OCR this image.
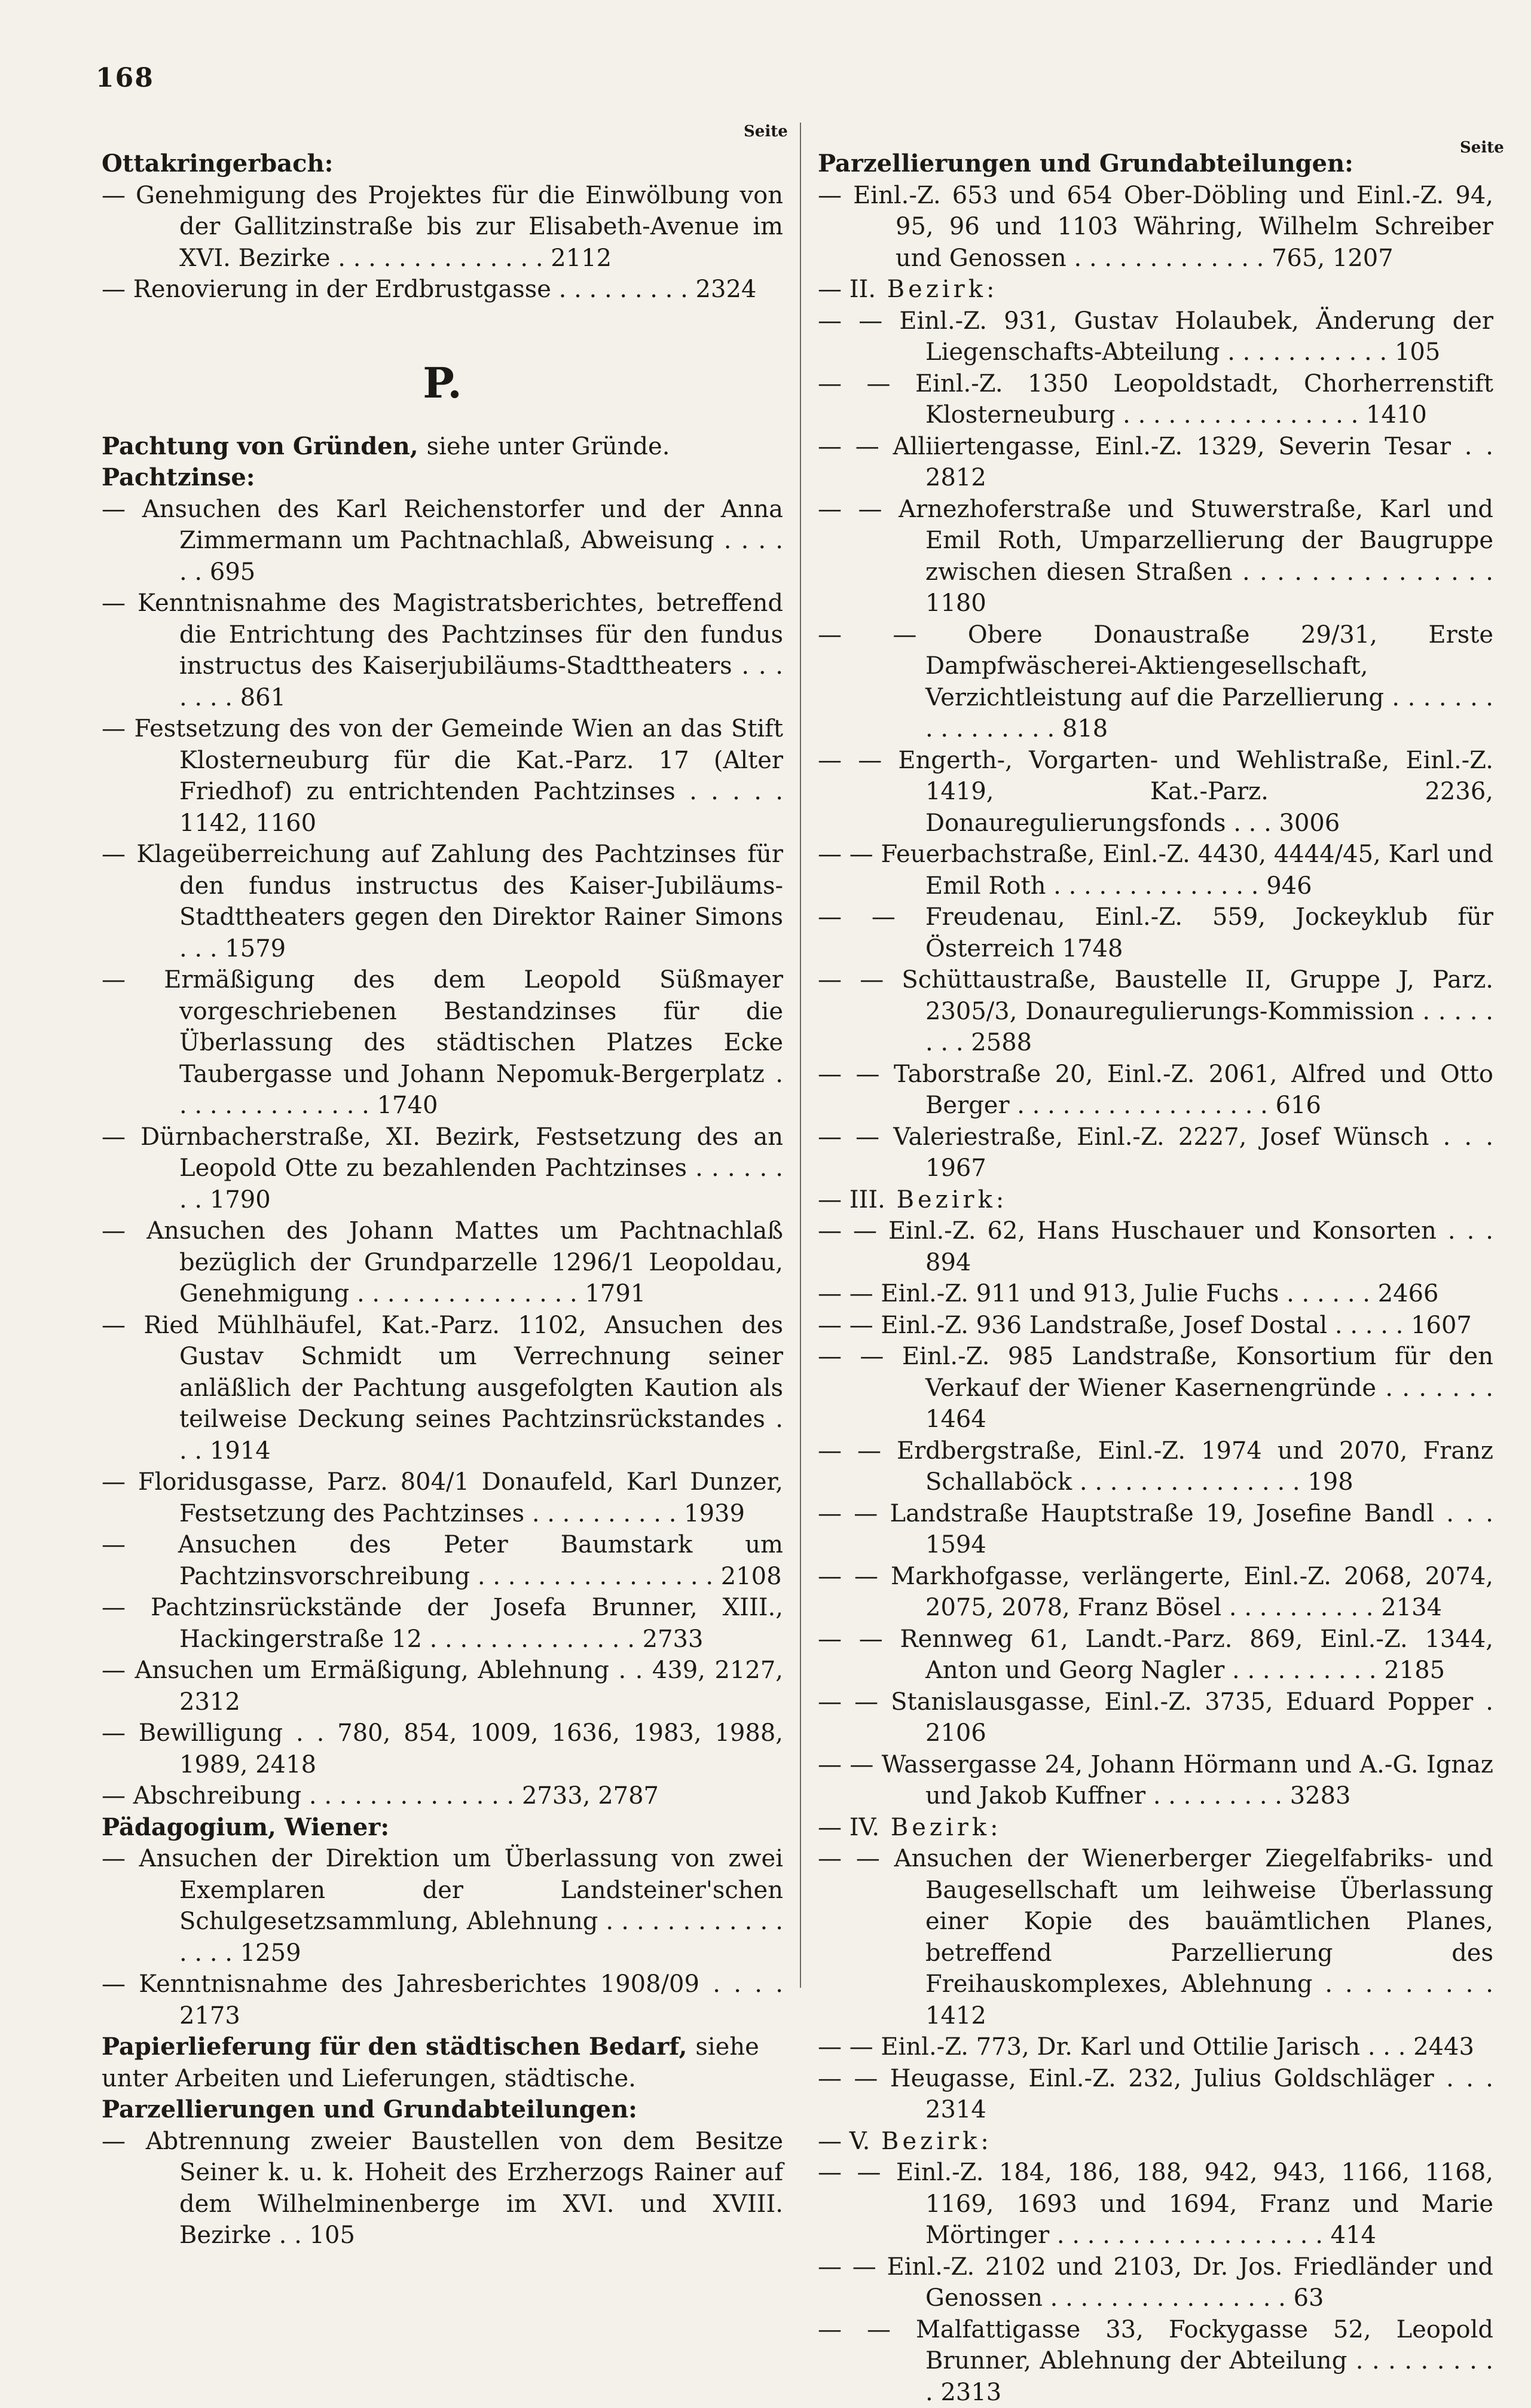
168
Seite
Seite

Ottakringerbach:

— Genehmigung des Projektes für die Einwölbung von der Gallitzinstraße bis zur Elisabeth-Avenue im XVI. Bezirke . . . . . . . . . . . . . . 2112

— Renovierung in der Erdbrustgasse . . . . . . . . . 2324

P.

Pachtung von Gründen, siehe unter Gründe.

Pachtzinse:

— Ansuchen des Karl Reichenstorfer und der Anna Zimmermann um Pachtnachlaß, Abweisung . . . . . . 695

— Kenntnisnahme des Magistratsberichtes, betreffend die Entrichtung des Pachtzinses für den fundus instructus des Kaiserjubiläums-Stadttheaters . . . . . . . 861

— Festsetzung des von der Gemeinde Wien an das Stift Klosterneuburg für die Kat.-Parz. 17 (Alter Friedhof) zu entrichtenden Pachtzinses . . . . . 1142, 1160

— Klageüberreichung auf Zahlung des Pachtzinses für den fundus instructus des Kaiser-Jubiläums-Stadttheaters gegen den Direktor Rainer Simons . . . 1579

— Ermäßigung des dem Leopold Süßmayer vorgeschriebenen Bestandzinses für die Überlassung des städtischen Platzes Ecke Taubergasse und Johann Nepomuk-Bergerplatz . . . . . . . . . . . . . . 1740

— Dürnbacherstraße, XI. Bezirk, Festsetzung des an Leopold Otte zu bezahlenden Pachtzinses . . . . . . . . 1790

— Ansuchen des Johann Mattes um Pachtnachlaß bezüglich der Grundparzelle 1296/1 Leopoldau, Genehmigung . . . . . . . . . . . . . . . 1791

— Ried Mühlhäufel, Kat.-Parz. 1102, Ansuchen des Gustav Schmidt um Verrechnung seiner anläßlich der Pachtung ausgefolgten Kaution als teilweise Deckung seines Pachtzinsrückstandes . . . 1914

— Floridusgasse, Parz. 804/1 Donaufeld, Karl Dunzer, Festsetzung des Pachtzinses . . . . . . . . . . 1939

— Ansuchen des Peter Baumstark um Pachtzinsvorschreibung . . . . . . . . . . . . . . . . 2108

— Pachtzinsrückstände der Josefa Brunner, XIII., Hackingerstraße 12 . . . . . . . . . . . . . . 2733

— Ansuchen um Ermäßigung, Ablehnung . . 439, 2127, 2312

— Bewilligung . . 780, 854, 1009, 1636, 1983, 1988, 1989, 2418

— Abschreibung . . . . . . . . . . . . . . 2733, 2787

Pädagogium, Wiener:

— Ansuchen der Direktion um Überlassung von zwei Exemplaren der Landsteiner'schen Schulgesetzsammlung, Ablehnung . . . . . . . . . . . . . . . . 1259

— Kenntnisnahme des Jahresberichtes 1908/09 . . . . 2173

Papierlieferung für den städtischen Bedarf, siehe unter Arbeiten und Lieferungen, städtische.

Parzellierungen und Grundabteilungen:

— Abtrennung zweier Baustellen von dem Besitze Seiner k. u. k. Hoheit des Erzherzogs Rainer auf dem Wilhelminenberge im XVI. und XVIII. Bezirke . . 105

Parzellierungen und Grundabteilungen:

— Einl.-Z. 653 und 654 Ober-Döbling und Einl.-Z. 94, 95, 96 und 1103 Währing, Wilhelm Schreiber und Genossen . . . . . . . . . . . . . 765, 1207

— II. Bezirk:

— — Einl.-Z. 931, Gustav Holaubek, Änderung der Liegenschafts-Abteilung . . . . . . . . . . . 105

— — Einl.-Z. 1350 Leopoldstadt, Chorherrenstift Klosterneuburg . . . . . . . . . . . . . . . . 1410

— — Alliiertengasse, Einl.-Z. 1329, Severin Tesar . . 2812

— — Arnezhoferstraße und Stuwerstraße, Karl und Emil Roth, Umparzellierung der Baugruppe zwischen diesen Straßen . . . . . . . . . . . . . . . 1180

— — Obere Donaustraße 29/31, Erste Dampfwäscherei-Aktiengesellschaft, Verzichtleistung auf die Parzellierung . . . . . . . . . . . . . . . . 818

— — Engerth-, Vorgarten- und Wehlistraße, Einl.-Z. 1419, Kat.-Parz. 2236, Donauregulierungsfonds . . . 3006

— — Feuerbachstraße, Einl.-Z. 4430, 4444/45, Karl und Emil Roth . . . . . . . . . . . . . . 946

— — Freudenau, Einl.-Z. 559, Jockeyklub für Österreich 1748

— — Schüttaustraße, Baustelle II, Gruppe J, Parz. 2305/3, Donauregulierungs-Kommission . . . . . . . . 2588

— — Taborstraße 20, Einl.-Z. 2061, Alfred und Otto Berger . . . . . . . . . . . . . . . . . 616

— — Valeriestraße, Einl.-Z. 2227, Josef Wünsch . . . 1967

— III. Bezirk:

— — Einl.-Z. 62, Hans Huschauer und Konsorten . . . 894

— — Einl.-Z. 911 und 913, Julie Fuchs . . . . . . 2466

— — Einl.-Z. 936 Landstraße, Josef Dostal . . . . . 1607

— — Einl.-Z. 985 Landstraße, Konsortium für den Verkauf der Wiener Kasernengründe . . . . . . . 1464

— — Erdbergstraße, Einl.-Z. 1974 und 2070, Franz Schallaböck . . . . . . . . . . . . . . . 198

— — Landstraße Hauptstraße 19, Josefine Bandl . . . 1594

— — Markhofgasse, verlängerte, Einl.-Z. 2068, 2074, 2075, 2078, Franz Bösel . . . . . . . . . . 2134

— — Rennweg 61, Landt.-Parz. 869, Einl.-Z. 1344, Anton und Georg Nagler . . . . . . . . . . 2185

— — Stanislausgasse, Einl.-Z. 3735, Eduard Popper . 2106

— — Wassergasse 24, Johann Hörmann und A.-G. Ignaz und Jakob Kuffner . . . . . . . . . 3283

— IV. Bezirk:

— — Ansuchen der Wienerberger Ziegelfabriks- und Baugesellschaft um leihweise Überlassung einer Kopie des bauämtlichen Planes, betreffend Parzellierung des Freihauskomplexes, Ablehnung . . . . . . . . . 1412

— — Einl.-Z. 773, Dr. Karl und Ottilie Jarisch . . . 2443

— — Heugasse, Einl.-Z. 232, Julius Goldschläger . . . 2314

— V. Bezirk:

— — Einl.-Z. 184, 186, 188, 942, 943, 1166, 1168, 1169, 1693 und 1694, Franz und Marie Mörtinger . . . . . . . . . . . . . . . . . . 414

— — Einl.-Z. 2102 und 2103, Dr. Jos. Friedländer und Genossen . . . . . . . . . . . . . . . . 63

— — Malfattigasse 33, Fockygasse 52, Leopold Brunner, Ablehnung der Abteilung . . . . . . . . . . 2313
